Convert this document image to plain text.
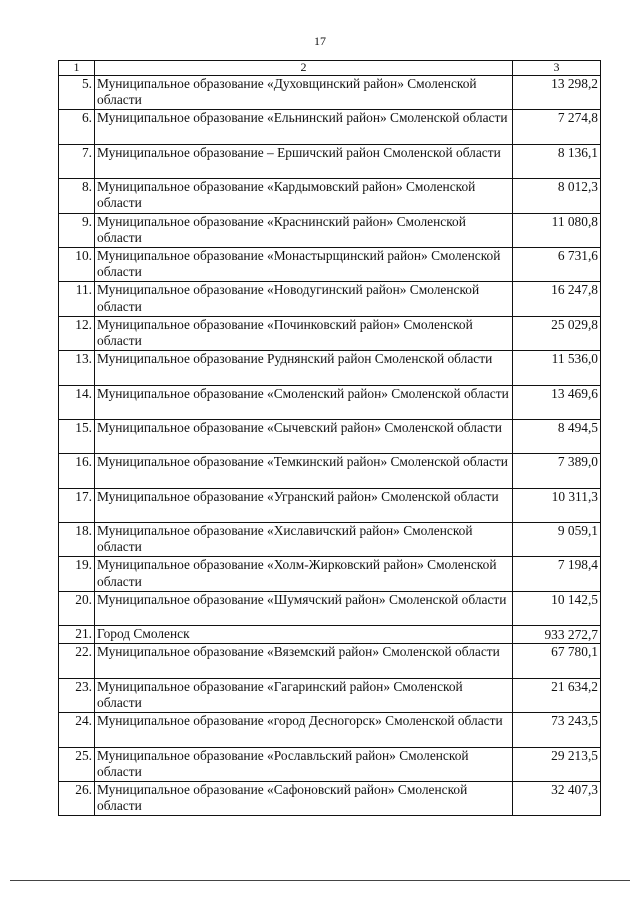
17
1	2	3
5.	Муниципальное образование «Духовщинский район» Смоленской области	13 298,2
6.	Муниципальное образование «Ельнинский район» Смоленской области	7 274,8
7.	Муниципальное образование – Ершичский район Смоленской области	8 136,1
8.	Муниципальное образование «Кардымовский район» Смоленской области	8 012,3
9.	Муниципальное образование «Краснинский район» Смоленской области	11 080,8
10.	Муниципальное образование «Монастырщинский район» Смоленской области	6 731,6
11.	Муниципальное образование «Новодугинский район» Смоленской области	16 247,8
12.	Муниципальное образование «Починковский район» Смоленской области	25 029,8
13.	Муниципальное образование Руднянский район Смоленской области	11 536,0
14.	Муниципальное образование «Смоленский район» Смоленской области	13 469,6
15.	Муниципальное образование «Сычевский район» Смоленской области	8 494,5
16.	Муниципальное образование «Темкинский район» Смоленской области	7 389,0
17.	Муниципальное образование «Угранский район» Смоленской области	10 311,3
18.	Муниципальное образование «Хиславичский район» Смоленской области	9 059,1
19.	Муниципальное образование «Холм-Жирковский район» Смоленской области	7 198,4
20.	Муниципальное образование «Шумячский район» Смоленской области	10 142,5
21.	Город Смоленск	933 272,7
22.	Муниципальное образование «Вяземский район» Смоленской области	67 780,1
23.	Муниципальное образование «Гагаринский район» Смоленской области	21 634,2
24.	Муниципальное образование «город Десногорск» Смоленской области	73 243,5
25.	Муниципальное образование «Рославльский район» Смоленской области	29 213,5
26.	Муниципальное образование «Сафоновский район» Смоленской области	32 407,3
